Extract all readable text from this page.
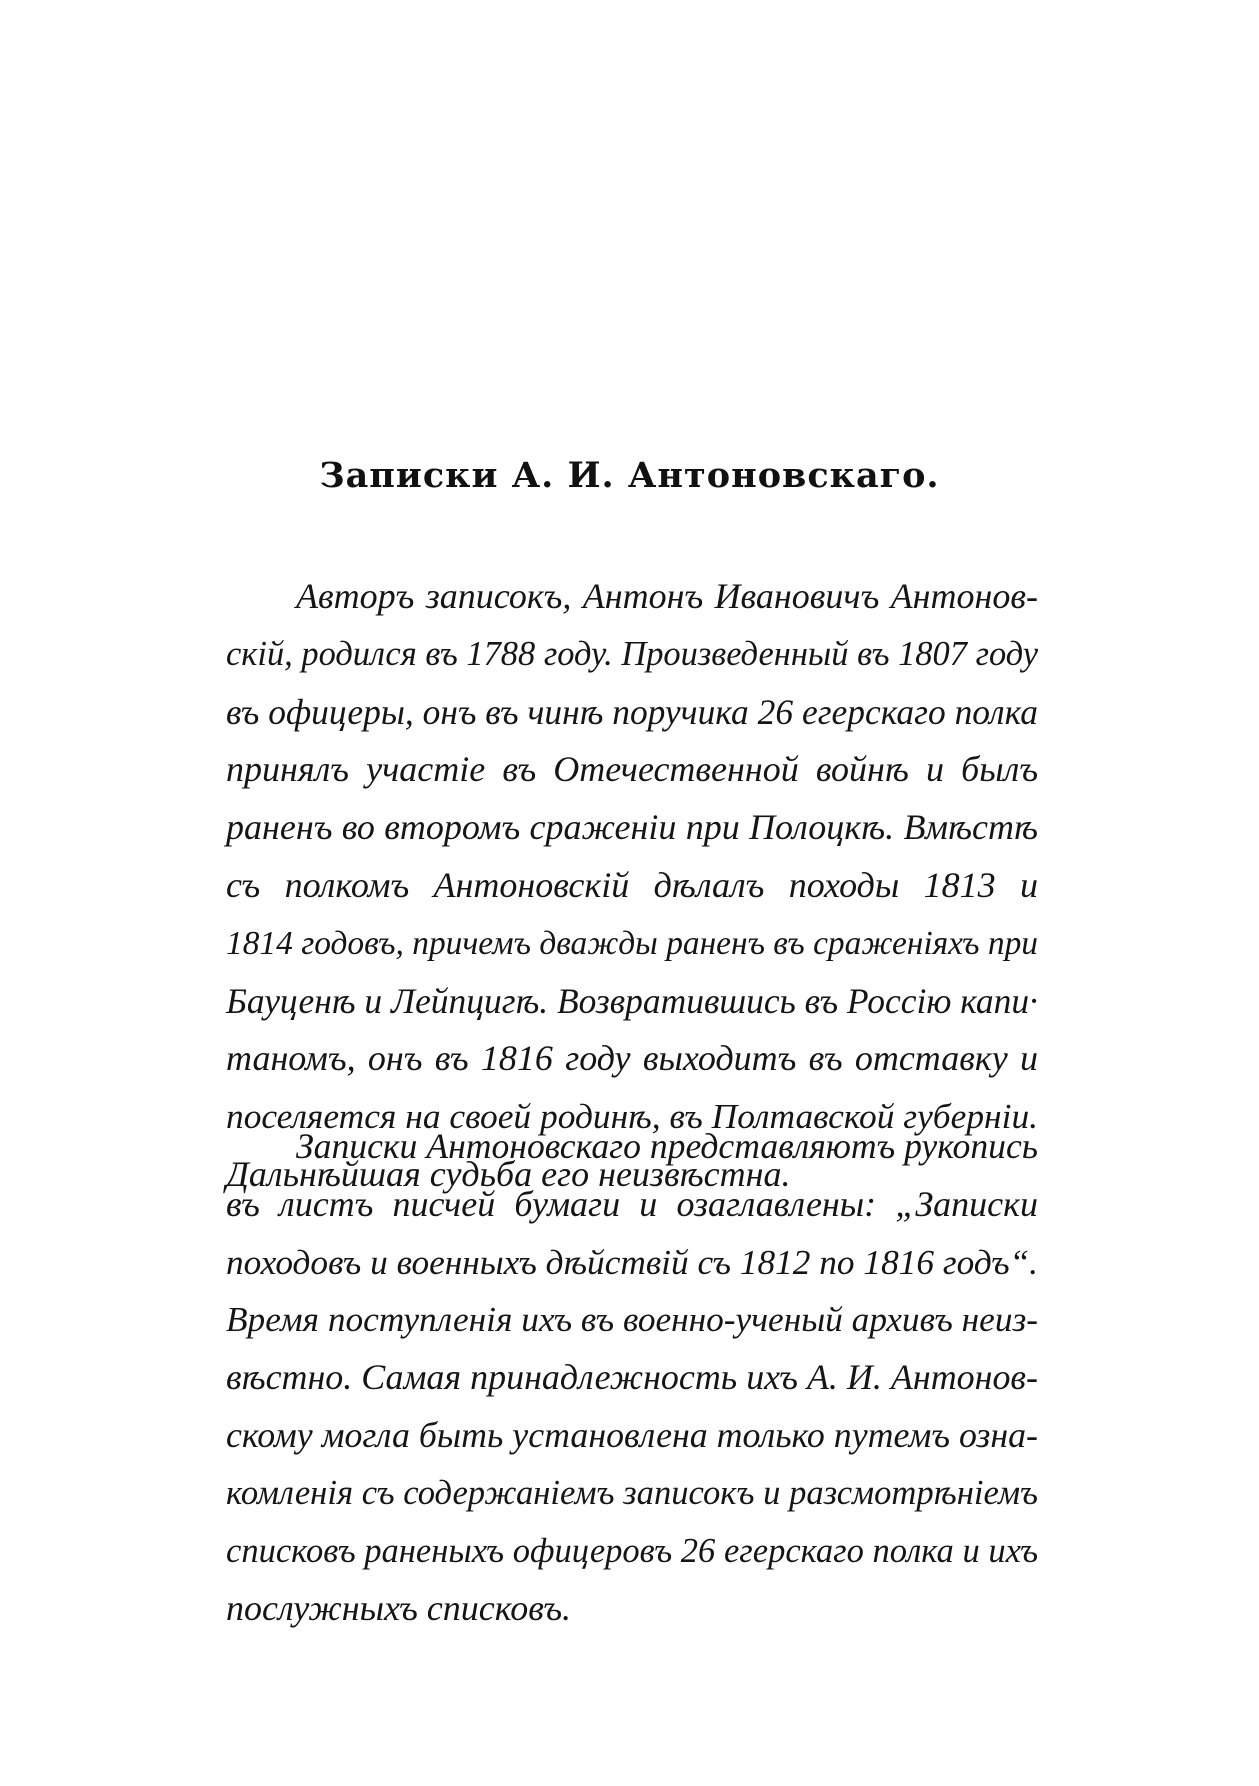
Записки А. И. Антоновскаго.
Авторъ записокъ, Антонъ Ивановичъ Антонов-
скій, родился въ 1788 году. Произведенный въ 1807 году
въ офицеры, онъ въ чинѣ поручика 26 егерскаго полка
принялъ участіе въ Отечественной войнѣ и былъ
раненъ во второмъ сраженіи при Полоцкѣ. Вмѣстѣ
съ полкомъ Антоновскій дѣлалъ походы 1813 и
1814 годовъ, причемъ дважды раненъ въ сраженіяхъ при
Бауценѣ и Лейпцигѣ. Возвратившись въ Россію капи·
таномъ, онъ въ 1816 году выходитъ въ отставку и
поселяется на своей родинѣ, въ Полтавской губерніи.
Дальнѣйшая судьба его неизвѣстна.
Записки Антоновскаго представляютъ рукопись
въ листъ писчей бумаги и озаглавлены: „Записки
походовъ и военныхъ дѣйствій съ 1812 по 1816 годъ“.
Время поступленія ихъ въ военно-ученый архивъ неиз-
вѣстно. Самая принадлежность ихъ А. И. Антонов-
скому могла быть установлена только путемъ озна-
комленія съ содержаніемъ записокъ и разсмотрѣніемъ
списковъ раненыхъ офицеровъ 26 егерскаго полка и ихъ
послужныхъ списковъ.
